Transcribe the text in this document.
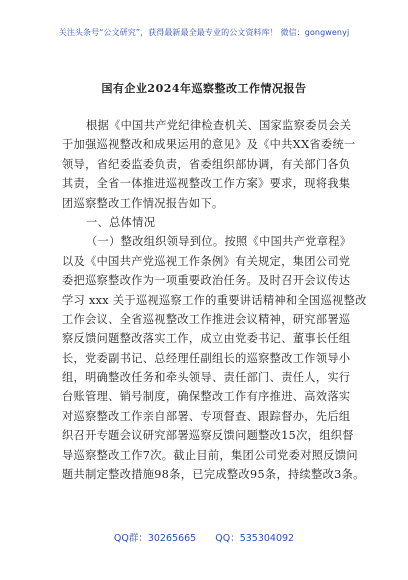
关注头条号“公文研究”，获得最新最全最专业的公文资料库！ 微信：gongwenyj
国有企业2024年巡察整改工作情况报告
根据《中国共产党纪律检查机关、国家监察委员会关
于加强巡视整改和成果运用的意见》及《中共XX省委统一
领导，省纪委监委负责，省委组织部协调，有关部门各负
其责，全省一体推进巡视整改工作方案》要求，现将我集
团巡察整改工作情况报告如下。
一、总体情况
（一）整改组织领导到位。按照《中国共产党章程》
以及《中国共产党巡视工作条例》有关规定，集团公司党
委把巡察整改作为一项重要政治任务。及时召开会议传达
学习 xxx 关于巡视巡察工作的重要讲话精神和全国巡视整改
工作会议、全省巡视整改工作推进会议精神，研究部署巡
察反馈问题整改落实工作，成立由党委书记、董事长任组
长，党委副书记、总经理任副组长的巡察整改工作领导小
组，明确整改任务和牵头领导、责任部门、责任人，实行
台账管理、销号制度，确保整改工作有序推进、高效落实
对巡察整改工作亲自部署、专项督查、跟踪督办，先后组
织召开专题会议研究部署巡察反馈问题整改15次，组织督
导巡察整改工作7次。截止目前，集团公司党委对照反馈问
题共制定整改措施98条，已完成整改95条，持续整改3条。
QQ群：30265665 QQ：535304092
